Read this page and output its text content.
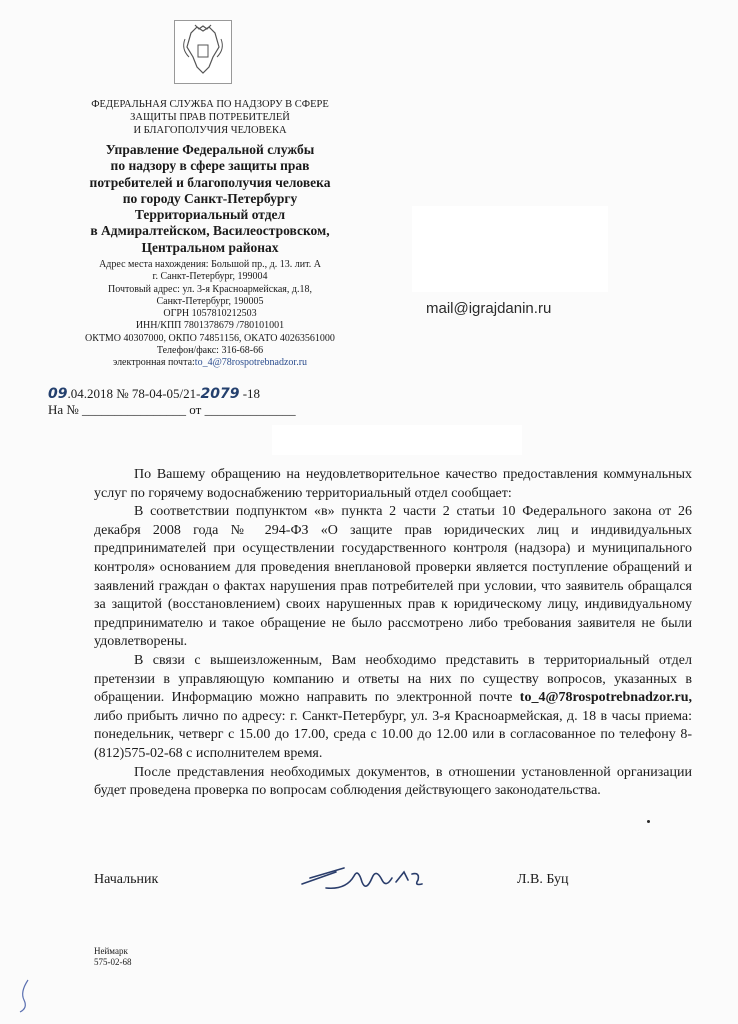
ФЕДЕРАЛЬНАЯ СЛУЖБА ПО НАДЗОРУ В СФЕРЕ
ЗАЩИТЫ ПРАВ ПОТРЕБИТЕЛЕЙ
И БЛАГОПОЛУЧИЯ ЧЕЛОВЕКА
Управление Федеральной службы
по надзору в сфере защиты прав
потребителей и благополучия человека
по городу Санкт-Петербургу
Территориальный отдел
в Адмиралтейском, Василеостровском,
Центральном районах
Адрес места нахождения: Большой пр., д. 13. лит. А
г. Санкт-Петербург, 199004
Почтовый адрес: ул. 3-я Красноармейская, д.18,
Санкт-Петербург, 190005
ОГРН 1057810212503
ИНН/КПП 7801378679 /780101001
ОКТМО 40307000, ОКПО 74851156, ОКАТО 40263561000
Телефон/факс: 316-68-66
электронная почта:to_4@78rospotrebnadzor.ru
mail@igrajdanin.ru
09.04.2018 № 78-04-05/21-2079 -18
На № ________________ от ______________

По Вашему обращению на неудовлетворительное качество предоставления коммунальных услуг по горячему водоснабжению территориальный отдел сообщает:

В соответствии подпунктом «в» пункта 2 части 2 статьи 10 Федерального закона от 26 декабря 2008 года № 294-ФЗ «О защите прав юридических лиц и индивидуальных предпринимателей при осуществлении государственного контроля (надзора) и муниципального контроля» основанием для проведения внеплановой проверки является поступление обращений и заявлений граждан о фактах нарушения прав потребителей при условии, что заявитель обращался за защитой (восстановлением) своих нарушенных прав к юридическому лицу, индивидуальному предпринимателю и такое обращение не было рассмотрено либо требования заявителя не были удовлетворены.

В связи с вышеизложенным, Вам необходимо представить в территориальный отдел претензии в управляющую компанию и ответы на них по существу вопросов, указанных в обращении. Информацию можно направить по электронной почте to_4@78rospotrebnadzor.ru, либо прибыть лично по адресу: г. Санкт-Петербург, ул. 3-я Красноармейская, д. 18 в часы приема: понедельник, четверг с 15.00 до 17.00, среда с 10.00 до 12.00 или в согласованное по телефону 8-(812)575-02-68 с исполнителем время.

После представления необходимых документов, в отношении установленной организации будет проведена проверка по вопросам соблюдения действующего законодательства.

Начальник	Л.В. Буц
Неймарк
575-02-68
